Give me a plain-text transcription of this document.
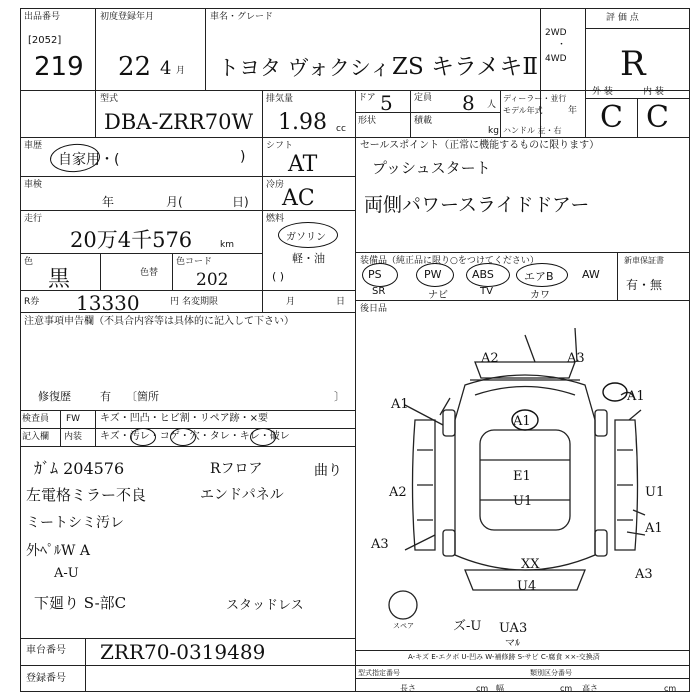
出品番号
[2052]
219
初度登録年月
22 4 月
車名・グレード
トヨタ ヴォクシィ ZS キラメキⅡ
2WD
・
4WD
評 価 点
R
型式
DBA-ZRR70W
排気量
1.98 cc
ドア 5 定員 8 人
形状	積載
kg
ディーラー・並行
モデル年式	年
ハンドル 左・右
外 装	内 装
C C
車歴
自家用・(	)
車検
年	月(	日)
走行
20万4千576	km
色
黒	色替
色コード
202
R券 13330	円 名変期限	月	日
シフト
AT
冷房
AC
燃料
ガソリン
軽・油
( )
セールスポイント（正常に機能するものに限ります）
プッシュスタート
両側パワースライドドアー
装備品（純正品に限り○をつけてください）
PS	PW	ABS	エアB	AW
SR	ナビ	TV	カワ
新車保証書
有・無
後日品
注意事項申告欄（不具合内容等は具体的に記入して下さい）
修復歴	有 〔箇所	〕
検査員
記入欄
FW キズ・凹凸・ヒビ割・リペア跡・×要
内装 キズ・汚レ・コゲ・穴・タレ・キレ・破レ
ｶﾞﾑ 204576
左電格ミラー不良
ミートシミ汚レ
外ﾍﾟﾙW A
A-U
下廻り S-部C
Rフロア
エンドパネル
曲り
スタッドレス
A2	A3
A1
A1
A1
E1
U1
A2	U1
A1
A3
XX
U4
A3
ズ-U UA3
マﾙ
スペア
A-キズ E-エクボ U-凹み W-補修跡 S-サビ C-腐食 ××-交換済
型式指定番号	類別区分番号
長さ	cm 幅	cm 高さ	cm
車台番号 ZRR70-0319489
登録番号
